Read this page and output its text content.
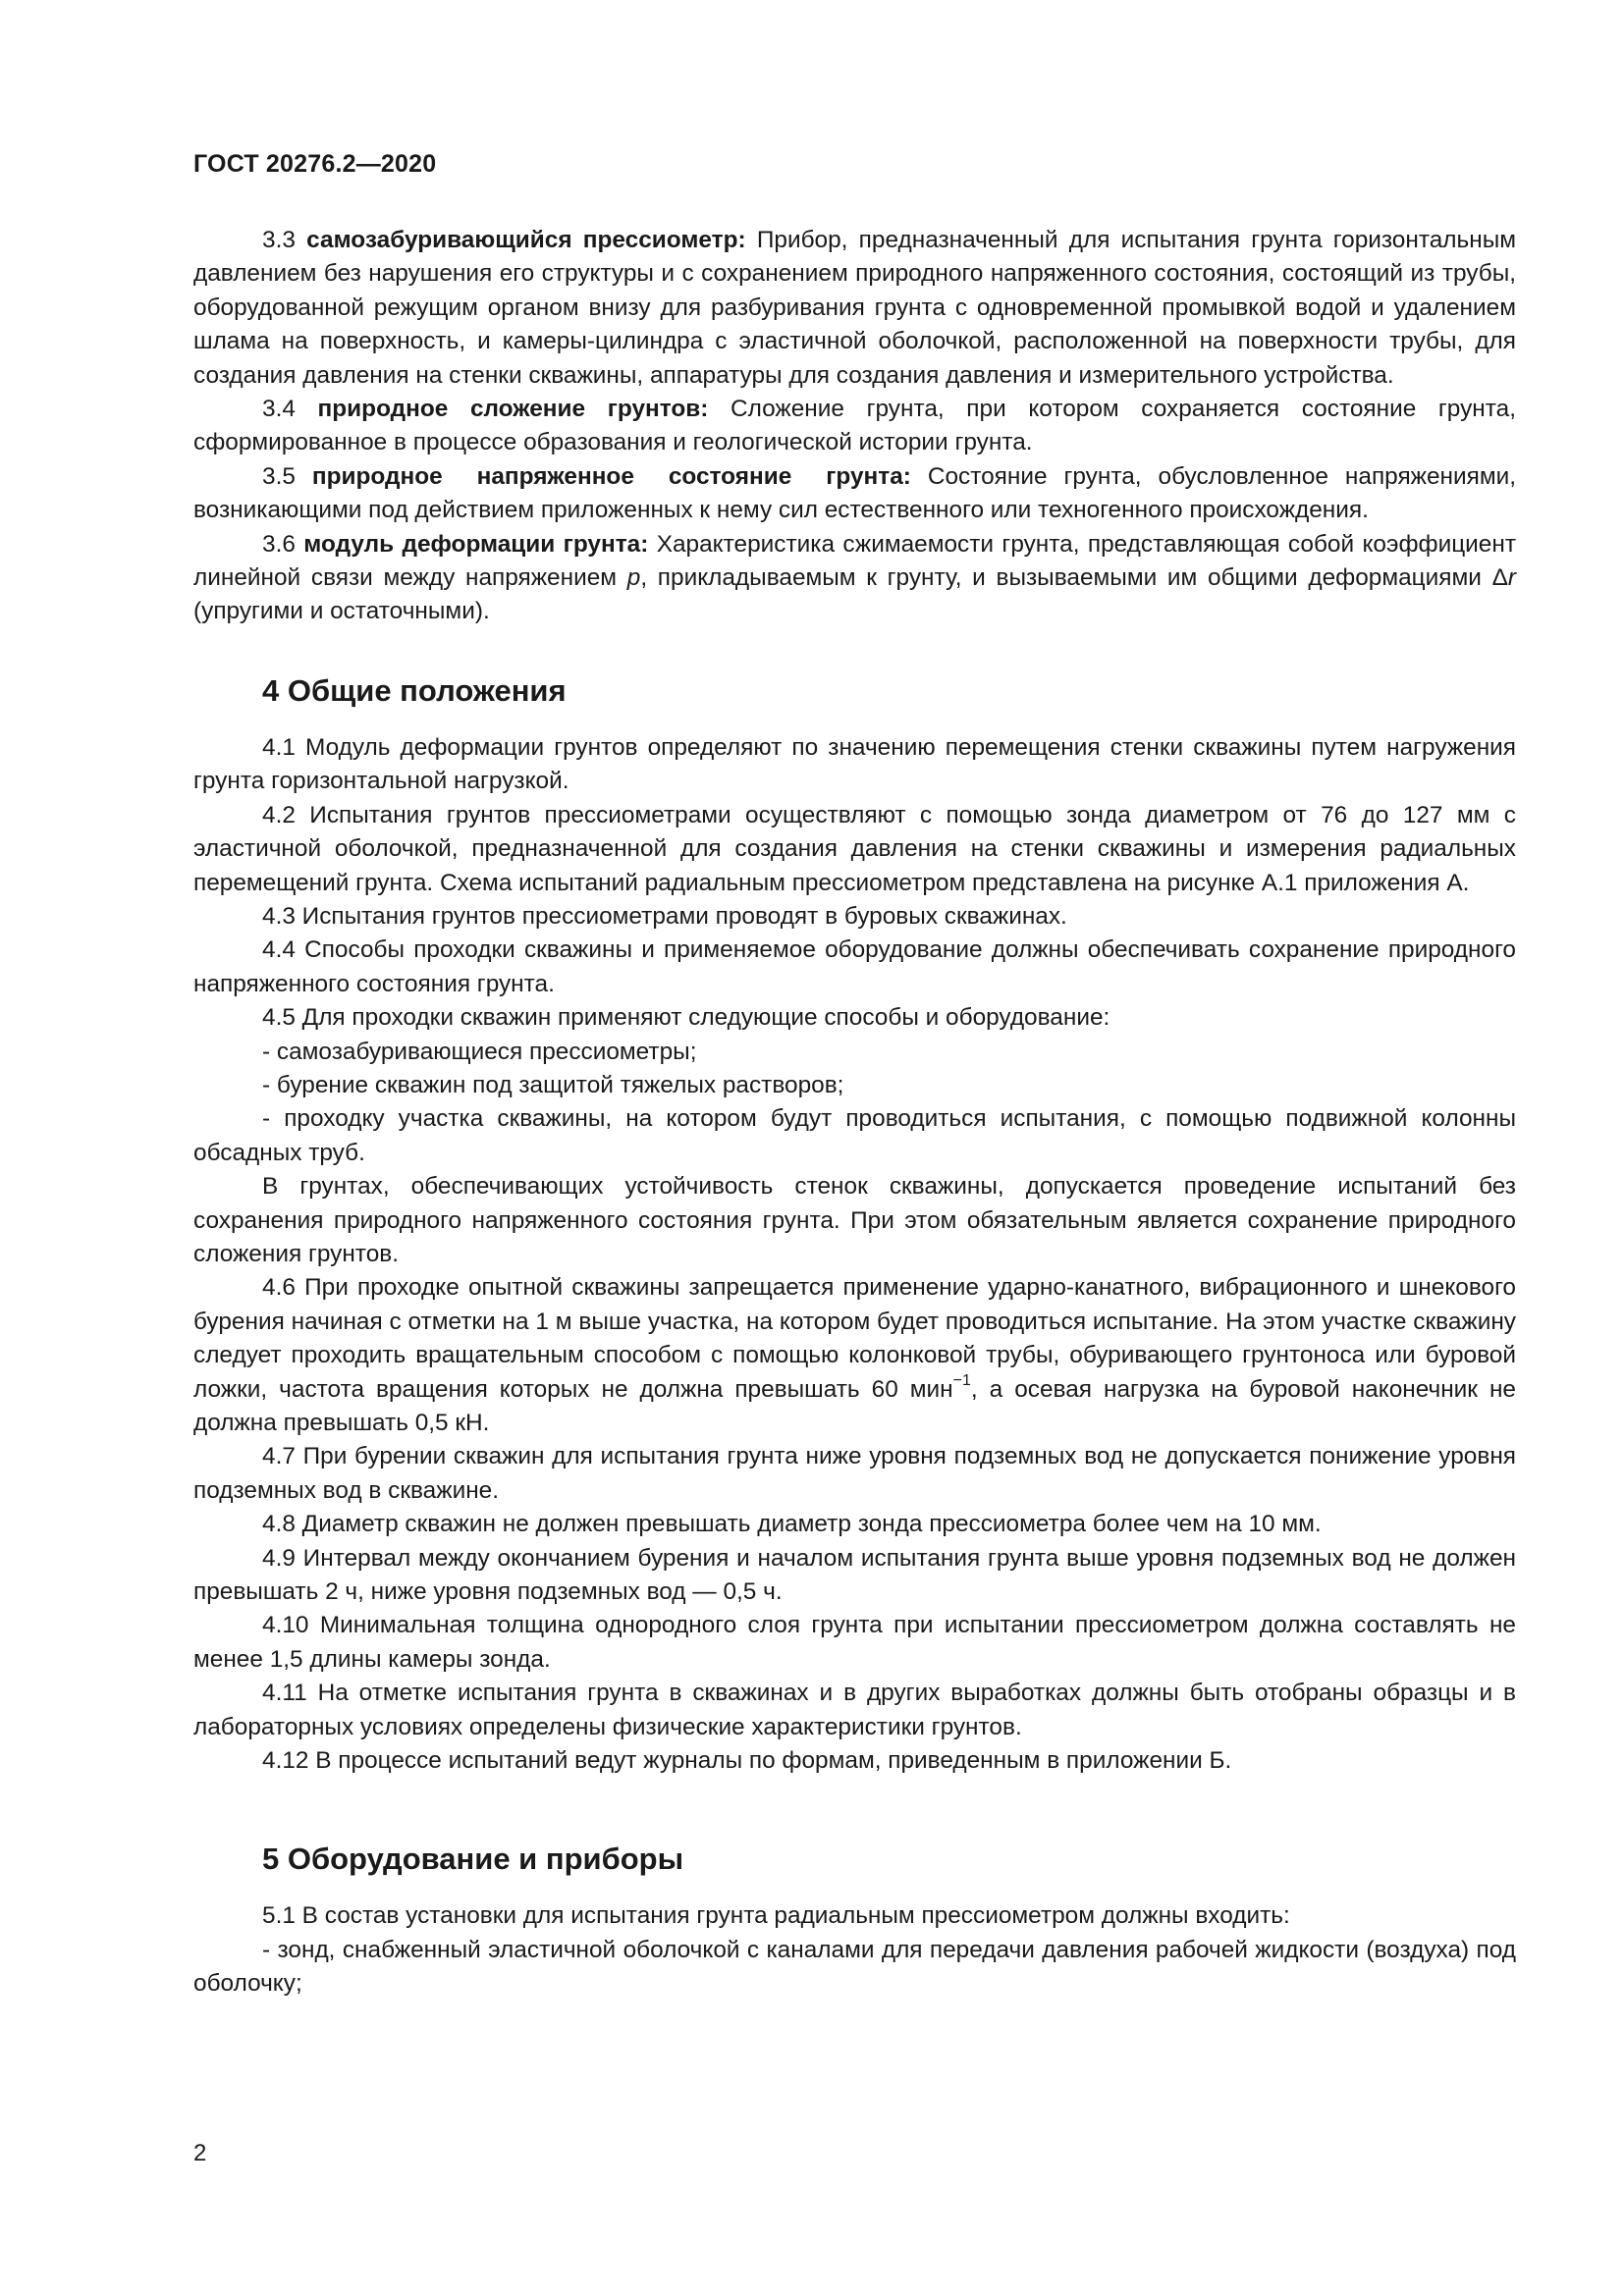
ГОСТ 20276.2—2020

3.3 самозабуривающийся прессиометр: Прибор, предназначенный для испытания грунта горизонтальным давлением без нарушения его структуры и с сохранением природного напряженного состояния, состоящий из трубы, оборудованной режущим органом внизу для разбуривания грунта с одновременной промывкой водой и удалением шлама на поверхность, и камеры-цилиндра с эластичной оболочкой, расположенной на поверхности трубы, для создания давления на стенки скважины, аппаратуры для создания давления и измерительного устройства.

3.4 природное сложение грунтов: Сложение грунта, при котором сохраняется состояние грунта, сформированное в процессе образования и геологической истории грунта.

3.5 природное напряженное состояние грунта: Состояние грунта, обусловленное напряжениями, возникающими под действием приложенных к нему сил естественного или техногенного происхождения.

3.6 модуль деформации грунта: Характеристика сжимаемости грунта, представляющая собой коэффициент линейной связи между напряжением p, прикладываемым к грунту, и вызываемыми им общими деформациями Δr (упругими и остаточными).

4 Общие положения

4.1 Модуль деформации грунтов определяют по значению перемещения стенки скважины путем нагружения грунта горизонтальной нагрузкой.

4.2 Испытания грунтов прессиометрами осуществляют с помощью зонда диаметром от 76 до 127 мм с эластичной оболочкой, предназначенной для создания давления на стенки скважины и измерения радиальных перемещений грунта. Схема испытаний радиальным прессиометром представлена на рисунке А.1 приложения А.

4.3 Испытания грунтов прессиометрами проводят в буровых скважинах.

4.4 Способы проходки скважины и применяемое оборудование должны обеспечивать сохранение природного напряженного состояния грунта.

4.5 Для проходки скважин применяют следующие способы и оборудование:

- самозабуривающиеся прессиометры;

- бурение скважин под защитой тяжелых растворов;

- проходку участка скважины, на котором будут проводиться испытания, с помощью подвижной колонны обсадных труб.

В грунтах, обеспечивающих устойчивость стенок скважины, допускается проведение испытаний без сохранения природного напряженного состояния грунта. При этом обязательным является сохранение природного сложения грунтов.

4.6 При проходке опытной скважины запрещается применение ударно-канатного, вибрационного и шнекового бурения начиная с отметки на 1 м выше участка, на котором будет проводиться испытание. На этом участке скважину следует проходить вращательным способом с помощью колонковой трубы, обуривающего грунтоноса или буровой ложки, частота вращения которых не должна превышать 60 мин$^{-1}$, а осевая нагрузка на буровой наконечник не должна превышать 0,5 кН.

4.7 При бурении скважин для испытания грунта ниже уровня подземных вод не допускается понижение уровня подземных вод в скважине.

4.8 Диаметр скважин не должен превышать диаметр зонда прессиометра более чем на 10 мм.

4.9 Интервал между окончанием бурения и началом испытания грунта выше уровня подземных вод не должен превышать 2 ч, ниже уровня подземных вод — 0,5 ч.

4.10 Минимальная толщина однородного слоя грунта при испытании прессиометром должна составлять не менее 1,5 длины камеры зонда.

4.11 На отметке испытания грунта в скважинах и в других выработках должны быть отобраны образцы и в лабораторных условиях определены физические характеристики грунтов.

4.12 В процессе испытаний ведут журналы по формам, приведенным в приложении Б.

5 Оборудование и приборы

5.1 В состав установки для испытания грунта радиальным прессиометром должны входить:

- зонд, снабженный эластичной оболочкой с каналами для передачи давления рабочей жидкости (воздуха) под оболочку;

2
